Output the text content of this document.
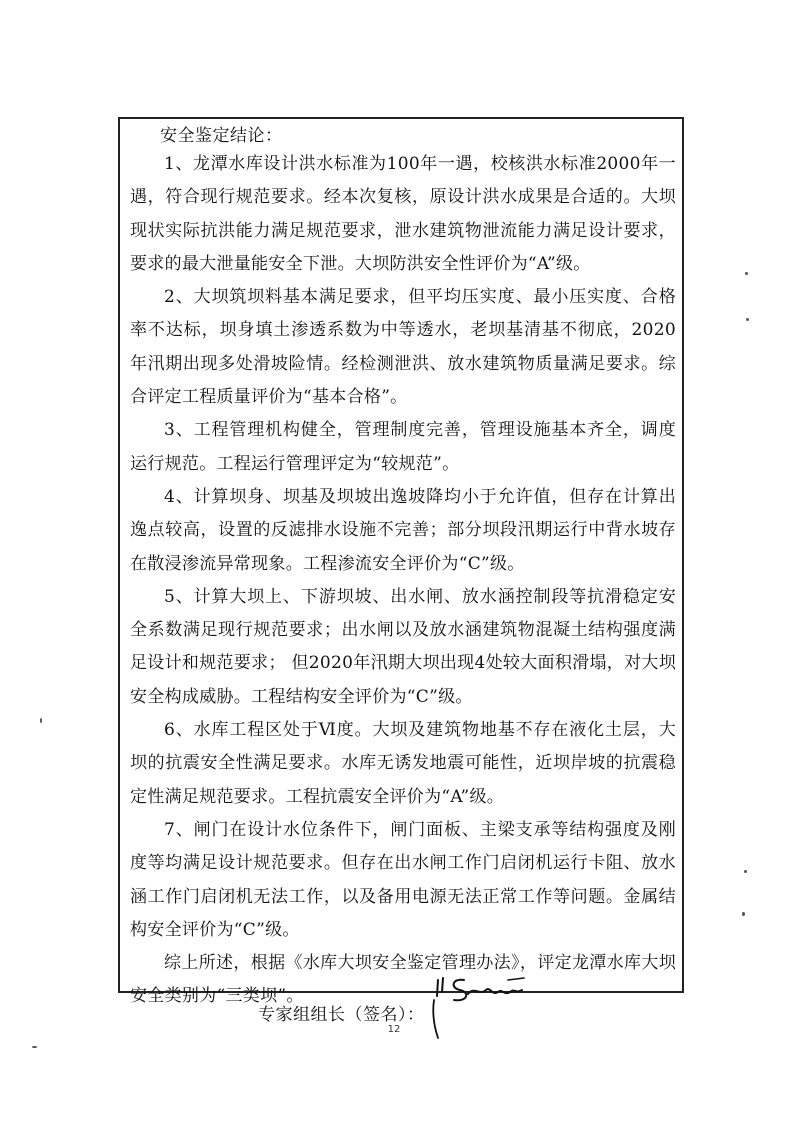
安全鉴定结论：

1、龙潭水库设计洪水标准为100年一遇，校核洪水标准2000年一遇，符合现行规范要求。经本次复核，原设计洪水成果是合适的。大坝现状实际抗洪能力满足规范要求，泄水建筑物泄流能力满足设计要求，要求的最大泄量能安全下泄。大坝防洪安全性评价为“A”级。

2、大坝筑坝料基本满足要求，但平均压实度、最小压实度、合格率不达标，坝身填土渗透系数为中等透水，老坝基清基不彻底，2020年汛期出现多处滑坡险情。经检测泄洪、放水建筑物质量满足要求。综合评定工程质量评价为“基本合格”。

3、工程管理机构健全，管理制度完善，管理设施基本齐全，调度运行规范。工程运行管理评定为“较规范”。

4、计算坝身、坝基及坝坡出逸坡降均小于允许值，但存在计算出逸点较高，设置的反滤排水设施不完善；部分坝段汛期运行中背水坡存在散浸渗流异常现象。工程渗流安全评价为“C”级。

5、计算大坝上、下游坝坡、出水闸、放水涵控制段等抗滑稳定安全系数满足现行规范要求；出水闸以及放水涵建筑物混凝土结构强度满足设计和规范要求； 但2020年汛期大坝出现4处较大面积滑塌，对大坝安全构成威胁。工程结构安全评价为“C”级。

6、水库工程区处于Ⅵ度。大坝及建筑物地基不存在液化土层，大坝的抗震安全性满足要求。水库无诱发地震可能性，近坝岸坡的抗震稳定性满足规范要求。工程抗震安全评价为“A”级。

7、闸门在设计水位条件下，闸门面板、主梁支承等结构强度及刚度等均满足设计规范要求。但存在出水闸工作门启闭机运行卡阻、放水涵工作门启闭机无法工作，以及备用电源无法正常工作等问题。金属结构安全评价为“C”级。

综上所述，根据《水库大坝安全鉴定管理办法》，评定龙潭水库大坝安全类别为“三类坝”。

专家组组长（签名）：
12
